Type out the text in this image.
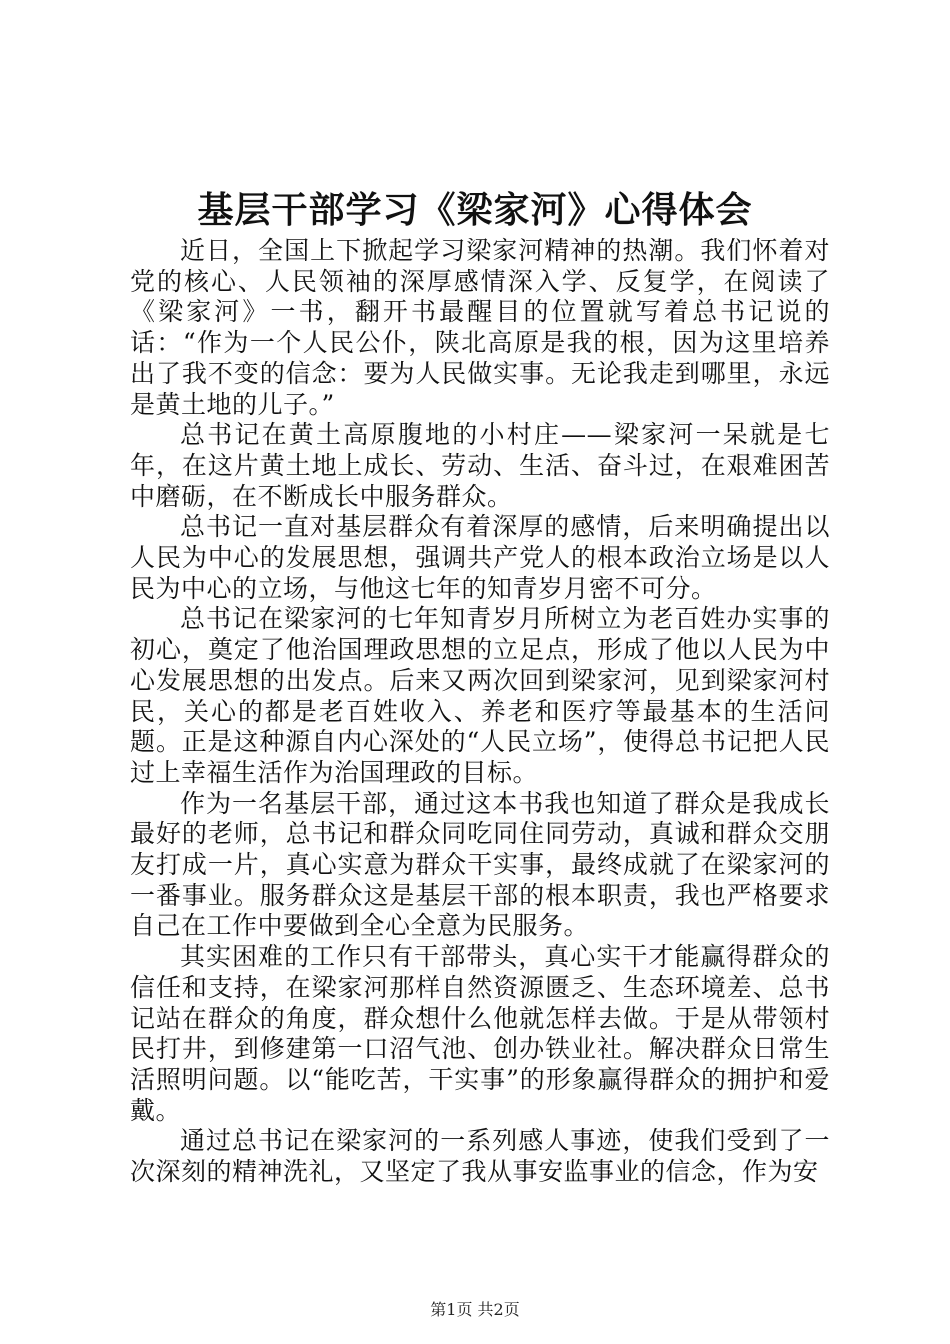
基层干部学习《梁家河》心得体会

近日，全国上下掀起学习梁家河精神的热潮。我们怀着对党的核心、人民领袖的深厚感情深入学、反复学，在阅读了《梁家河》一书，翻开书最醒目的位置就写着总书记说的话：“作为一个人民公仆，陕北高原是我的根，因为这里培养出了我不变的信念：要为人民做实事。无论我走到哪里，永远是黄土地的儿子。”

总书记在黄土高原腹地的小村庄——梁家河一呆就是七年，在这片黄土地上成长、劳动、生活、奋斗过，在艰难困苦中磨砺，在不断成长中服务群众。

总书记一直对基层群众有着深厚的感情，后来明确提出以人民为中心的发展思想，强调共产党人的根本政治立场是以人民为中心的立场，与他这七年的知青岁月密不可分。

总书记在梁家河的七年知青岁月所树立为老百姓办实事的初心，奠定了他治国理政思想的立足点，形成了他以人民为中心发展思想的出发点。后来又两次回到梁家河，见到梁家河村民，关心的都是老百姓收入、养老和医疗等最基本的生活问题。正是这种源自内心深处的“人民立场”，使得总书记把人民过上幸福生活作为治国理政的目标。

作为一名基层干部，通过这本书我也知道了群众是我成长最好的老师，总书记和群众同吃同住同劳动，真诚和群众交朋友打成一片，真心实意为群众干实事，最终成就了在梁家河的一番事业。服务群众这是基层干部的根本职责，我也严格要求自己在工作中要做到全心全意为民服务。

其实困难的工作只有干部带头，真心实干才能赢得群众的信任和支持，在梁家河那样自然资源匮乏、生态环境差、总书记站在群众的角度，群众想什么他就怎样去做。于是从带领村民打井，到修建第一口沼气池、创办铁业社。解决群众日常生活照明问题。以“能吃苦，干实事”的形象赢得群众的拥护和爱戴。

通过总书记在梁家河的一系列感人事迹，使我们受到了一次深刻的精神洗礼，又坚定了我从事安监事业的信念，作为安

第1页 共2页
